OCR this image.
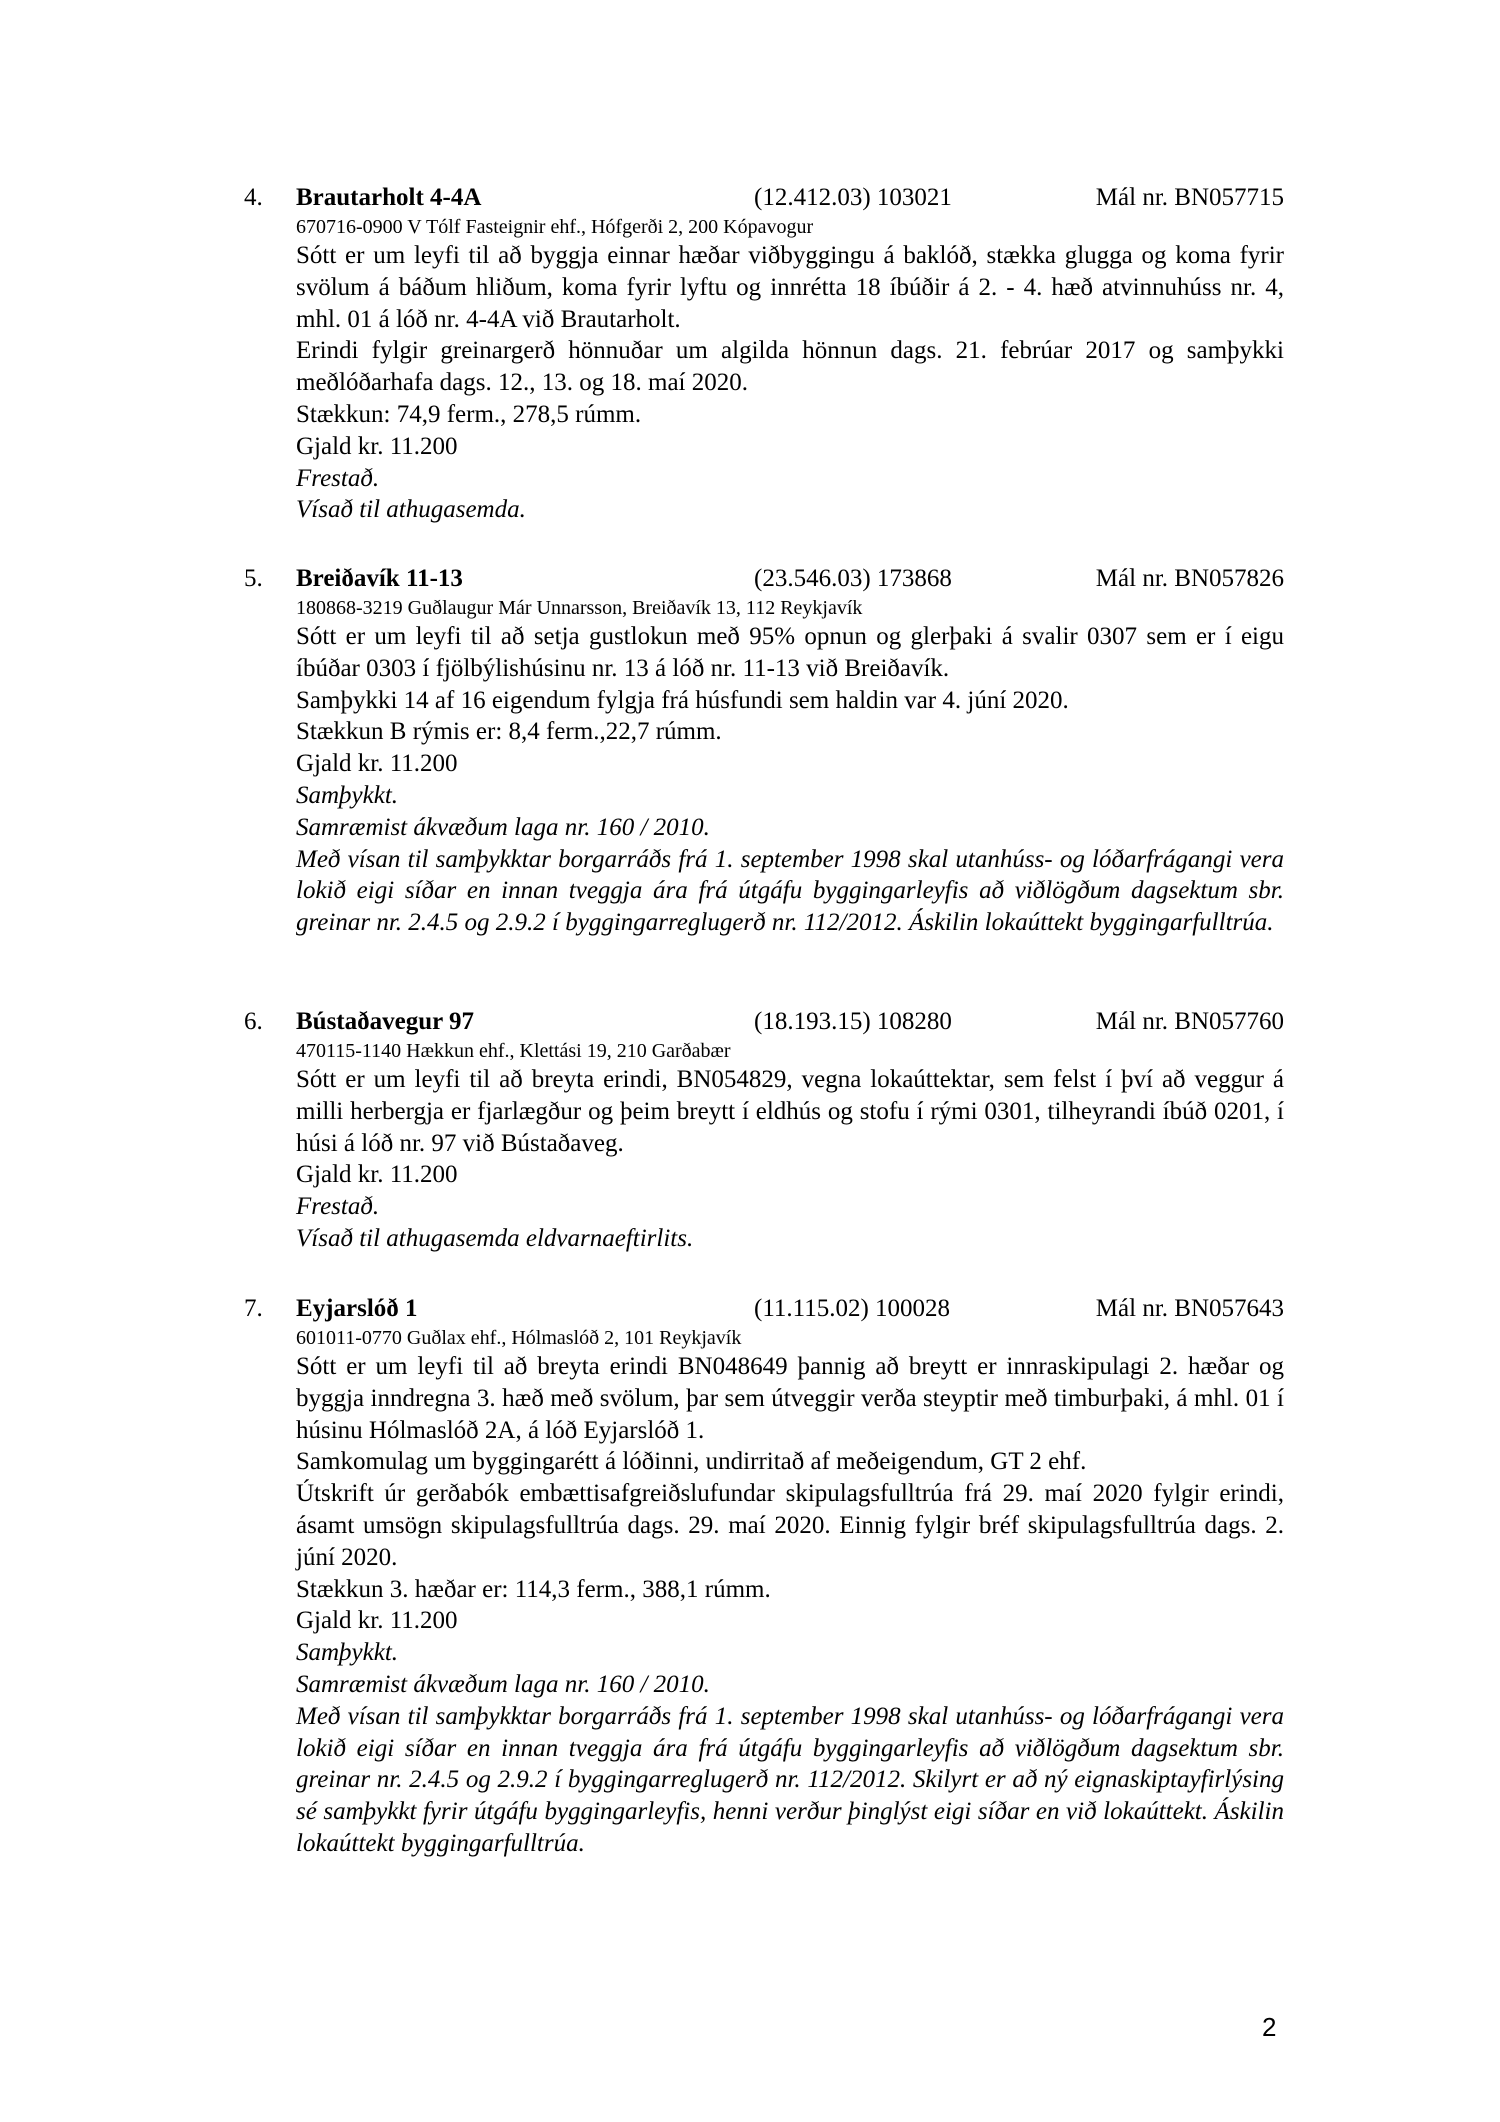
4. Brautarholt 4-4A	(12.412.03) 103021	Mál nr. BN057715
670716-0900 V Tólf Fasteignir ehf., Hófgerði 2, 200 Kópavogur

Sótt er um leyfi til að byggja einnar hæðar viðbyggingu á baklóð, stækka glugga og koma fyrir svölum á báðum hliðum, koma fyrir lyftu og innrétta 18 íbúðir á 2. - 4. hæð atvinnuhúss nr. 4, mhl. 01 á lóð nr. 4-4A við Brautarholt.

Erindi fylgir greinargerð hönnuðar um algilda hönnun dags. 21. febrúar 2017 og samþykki meðlóðarhafa dags. 12., 13. og 18. maí 2020.

Stækkun: 74,9 ferm., 278,5 rúmm.

Gjald kr. 11.200

Frestað.

Vísað til athugasemda.

5. Breiðavík 11-13	(23.546.03) 173868	Mál nr. BN057826
180868-3219 Guðlaugur Már Unnarsson, Breiðavík 13, 112 Reykjavík

Sótt er um leyfi til að setja gustlokun með 95% opnun og glerþaki á svalir 0307 sem er í eigu íbúðar 0303 í fjölbýlishúsinu nr. 13 á lóð nr. 11-13 við Breiðavík.

Samþykki 14 af 16 eigendum fylgja frá húsfundi sem haldin var 4. júní 2020.

Stækkun B rýmis er: 8,4 ferm.,22,7 rúmm.

Gjald kr. 11.200

Samþykkt.

Samræmist ákvæðum laga nr. 160 / 2010.

Með vísan til samþykktar borgarráðs frá 1. september 1998 skal utanhúss- og lóðarfrágangi vera lokið eigi síðar en innan tveggja ára frá útgáfu byggingarleyfis að viðlögðum dagsektum sbr. greinar nr. 2.4.5 og 2.9.2 í byggingarreglugerð nr. 112/2012. Áskilin lokaúttekt byggingarfulltrúa.

6. Bústaðavegur 97	(18.193.15) 108280	Mál nr. BN057760
470115-1140 Hækkun ehf., Klettási 19, 210 Garðabær

Sótt er um leyfi til að breyta erindi, BN054829, vegna lokaúttektar, sem felst í því að veggur á milli herbergja er fjarlægður og þeim breytt í eldhús og stofu í rými 0301, tilheyrandi íbúð 0201, í húsi á lóð nr. 97 við Bústaðaveg.

Gjald kr. 11.200

Frestað.

Vísað til athugasemda eldvarnaeftirlits.

7. Eyjarslóð 1	(11.115.02) 100028	Mál nr. BN057643
601011-0770 Guðlax ehf., Hólmaslóð 2, 101 Reykjavík

Sótt er um leyfi til að breyta erindi BN048649 þannig að breytt er innraskipulagi 2. hæðar og byggja inndregna 3. hæð með svölum, þar sem útveggir verða steyptir með timburþaki, á mhl. 01 í húsinu Hólmaslóð 2A, á lóð Eyjarslóð 1.

Samkomulag um byggingarétt á lóðinni, undirritað af meðeigendum, GT 2 ehf.

Útskrift úr gerðabók embættisafgreiðslufundar skipulagsfulltrúa frá 29. maí 2020 fylgir erindi, ásamt umsögn skipulagsfulltrúa dags. 29. maí 2020. Einnig fylgir bréf skipulagsfulltrúa dags. 2. júní 2020.

Stækkun 3. hæðar er: 114,3 ferm., 388,1 rúmm.

Gjald kr. 11.200

Samþykkt.

Samræmist ákvæðum laga nr. 160 / 2010.

Með vísan til samþykktar borgarráðs frá 1. september 1998 skal utanhúss- og lóðarfrágangi vera lokið eigi síðar en innan tveggja ára frá útgáfu byggingarleyfis að viðlögðum dagsektum sbr. greinar nr. 2.4.5 og 2.9.2 í byggingarreglugerð nr. 112/2012. Skilyrt er að ný eignaskiptayfirlýsing sé samþykkt fyrir útgáfu byggingarleyfis, henni verður þinglýst eigi síðar en við lokaúttekt. Áskilin lokaúttekt byggingarfulltrúa.

2
